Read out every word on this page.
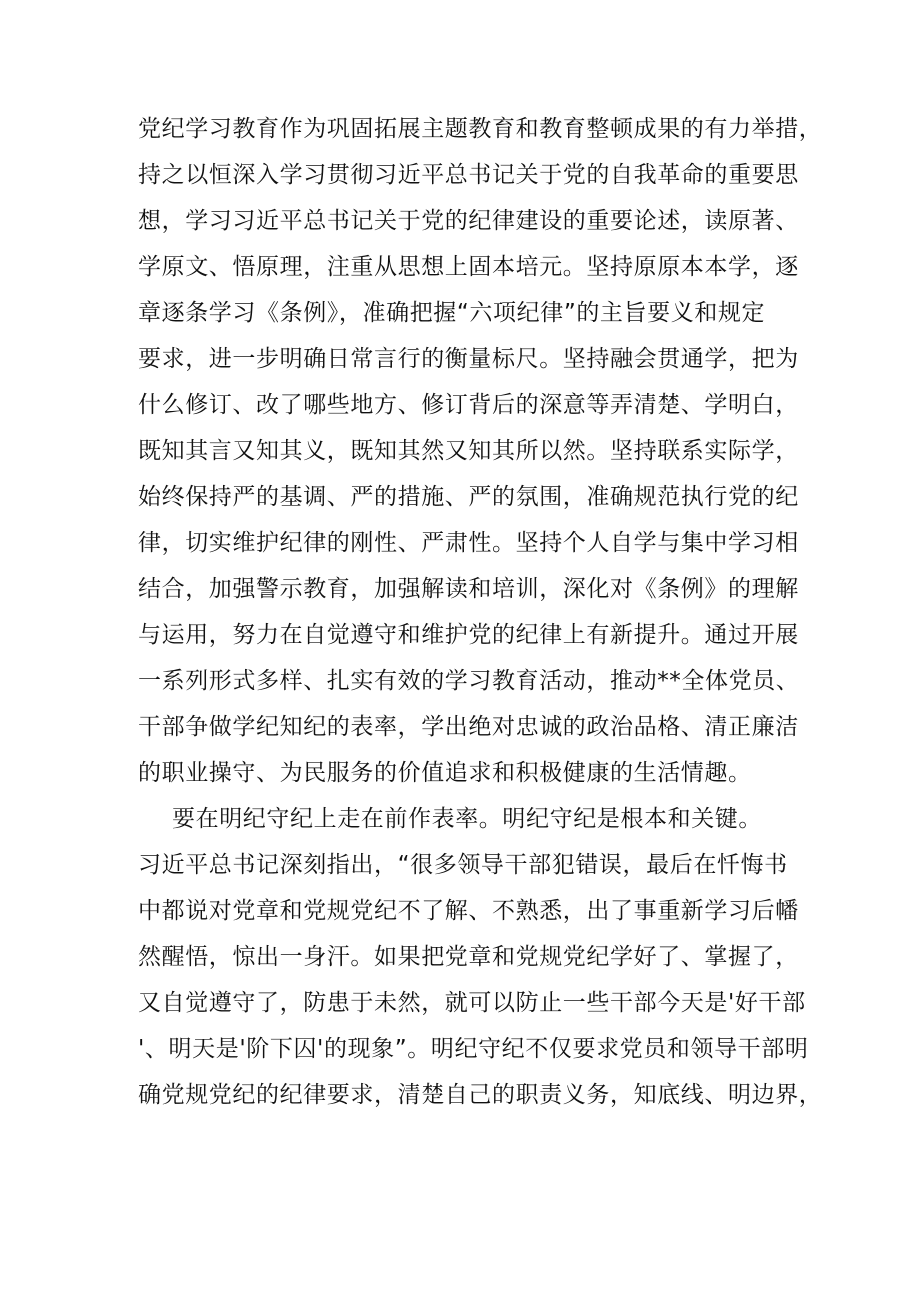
党纪学习教育作为巩固拓展主题教育和教育整顿成果的有力举措，
持之以恒深入学习贯彻习近平总书记关于党的自我革命的重要思
想，学习习近平总书记关于党的纪律建设的重要论述，读原著、
学原文、悟原理，注重从思想上固本培元。坚持原原本本学，逐
章逐条学习《条例》，准确把握“六项纪律”的主旨要义和规定
要求，进一步明确日常言行的衡量标尺。坚持融会贯通学，把为
什么修订、改了哪些地方、修订背后的深意等弄清楚、学明白，
既知其言又知其义，既知其然又知其所以然。坚持联系实际学，
始终保持严的基调、严的措施、严的氛围，准确规范执行党的纪
律，切实维护纪律的刚性、严肃性。坚持个人自学与集中学习相
结合，加强警示教育，加强解读和培训，深化对《条例》的理解
与运用，努力在自觉遵守和维护党的纪律上有新提升。通过开展
一系列形式多样、扎实有效的学习教育活动，推动**全体党员、
干部争做学纪知纪的表率，学出绝对忠诚的政治品格、清正廉洁
的职业操守、为民服务的价值追求和积极健康的生活情趣。
要在明纪守纪上走在前作表率。明纪守纪是根本和关键。
习近平总书记深刻指出，“很多领导干部犯错误，最后在忏悔书
中都说对党章和党规党纪不了解、不熟悉，出了事重新学习后幡
然醒悟，惊出一身汗。如果把党章和党规党纪学好了、掌握了，
又自觉遵守了，防患于未然，就可以防止一些干部今天是'好干部
'、明天是'阶下囚'的现象”。明纪守纪不仅要求党员和领导干部明
确党规党纪的纪律要求，清楚自己的职责义务，知底线、明边界，
